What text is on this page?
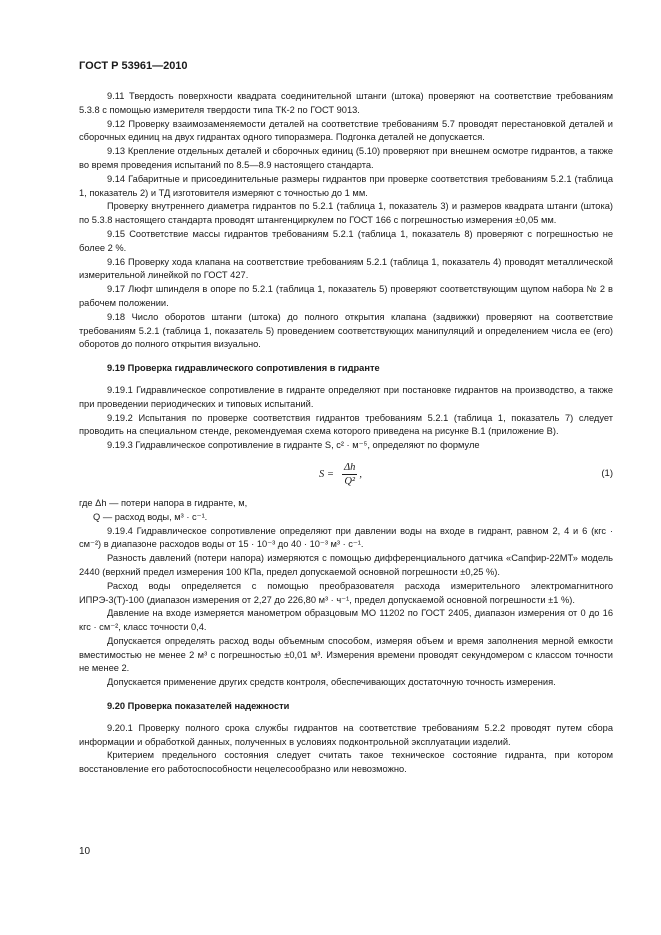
ГОСТ Р 53961—2010

9.11 Твердость поверхности квадрата соединительной штанги (штока) проверяют на соответствие требованиям 5.3.8 с помощью измерителя твердости типа ТК-2 по ГОСТ 9013.

9.12 Проверку взаимозаменяемости деталей на соответствие требованиям 5.7 проводят перестановкой деталей и сборочных единиц на двух гидрантах одного типоразмера. Подгонка деталей не допускается.

9.13 Крепление отдельных деталей и сборочных единиц (5.10) проверяют при внешнем осмотре гидрантов, а также во время проведения испытаний по 8.5—8.9 настоящего стандарта.

9.14 Габаритные и присоединительные размеры гидрантов при проверке соответствия требованиям 5.2.1 (таблица 1, показатель 2) и ТД изготовителя измеряют с точностью до 1 мм.

Проверку внутреннего диаметра гидрантов по 5.2.1 (таблица 1, показатель 3) и размеров квадрата штанги (штока) по 5.3.8 настоящего стандарта проводят штангенциркулем по ГОСТ 166 с погрешностью измерения ±0,05 мм.

9.15 Соответствие массы гидрантов требованиям 5.2.1 (таблица 1, показатель 8) проверяют с погрешностью не более 2 %.

9.16 Проверку хода клапана на соответствие требованиям 5.2.1 (таблица 1, показатель 4) проводят металлической измерительной линейкой по ГОСТ 427.

9.17 Люфт шпинделя в опоре по 5.2.1 (таблица 1, показатель 5) проверяют соответствующим щупом набора № 2 в рабочем положении.

9.18 Число оборотов штанги (штока) до полного открытия клапана (задвижки) проверяют на соответствие требованиям 5.2.1 (таблица 1, показатель 5) проведением соответствующих манипуляций и определением числа ее (его) оборотов до полного открытия визуально.

9.19 Проверка гидравлического сопротивления в гидранте

9.19.1 Гидравлическое сопротивление в гидранте определяют при постановке гидрантов на производство, а также при проведении периодических и типовых испытаний.

9.19.2 Испытания по проверке соответствия гидрантов требованиям 5.2.1 (таблица 1, показатель 7) следует проводить на специальном стенде, рекомендуемая схема которого приведена на рисунке В.1 (приложение В).

9.19.3 Гидравлическое сопротивление в гидранте S, с² · м⁻⁵, определяют по формуле

$S = \frac{\Delta h}{\text{Q²}}$ ,	(1)

где Δh — потери напора в гидранте, м,

Q — расход воды, м³ · с⁻¹.

9.19.4 Гидравлическое сопротивление определяют при давлении воды на входе в гидрант, равном 2, 4 и 6 (кгс · см⁻²) в диапазоне расходов воды от 15 · 10⁻³ до 40 · 10⁻³ м³ · с⁻¹.

Разность давлений (потери напора) измеряются с помощью дифференциального датчика «Сапфир-22МТ» модель 2440 (верхний предел измерения 100 КПа, предел допускаемой основной погрешности ±0,25 %).

Расход воды определяется с помощью преобразователя расхода измерительного электромагнитного ИПРЭ-3(Т)-100 (диапазон измерения от 2,27 до 226,80 м³ · ч⁻¹, предел допускаемой основной погрешности ±1 %).

Давление на входе измеряется манометром образцовым МО 11202 по ГОСТ 2405, диапазон измерения от 0 до 16 кгс · см⁻², класс точности 0,4.

Допускается определять расход воды объемным способом, измеряя объем и время заполнения мерной емкости вместимостью не менее 2 м³ с погрешностью ±0,01 м³. Измерения времени проводят секундомером с классом точности не менее 2.

Допускается применение других средств контроля, обеспечивающих достаточную точность измерения.

9.20 Проверка показателей надежности

9.20.1 Проверку полного срока службы гидрантов на соответствие требованиям 5.2.2 проводят путем сбора информации и обработкой данных, полученных в условиях подконтрольной эксплуатации изделий.

Критерием предельного состояния следует считать такое техническое состояние гидранта, при котором восстановление его работоспособности нецелесообразно или невозможно.

10
